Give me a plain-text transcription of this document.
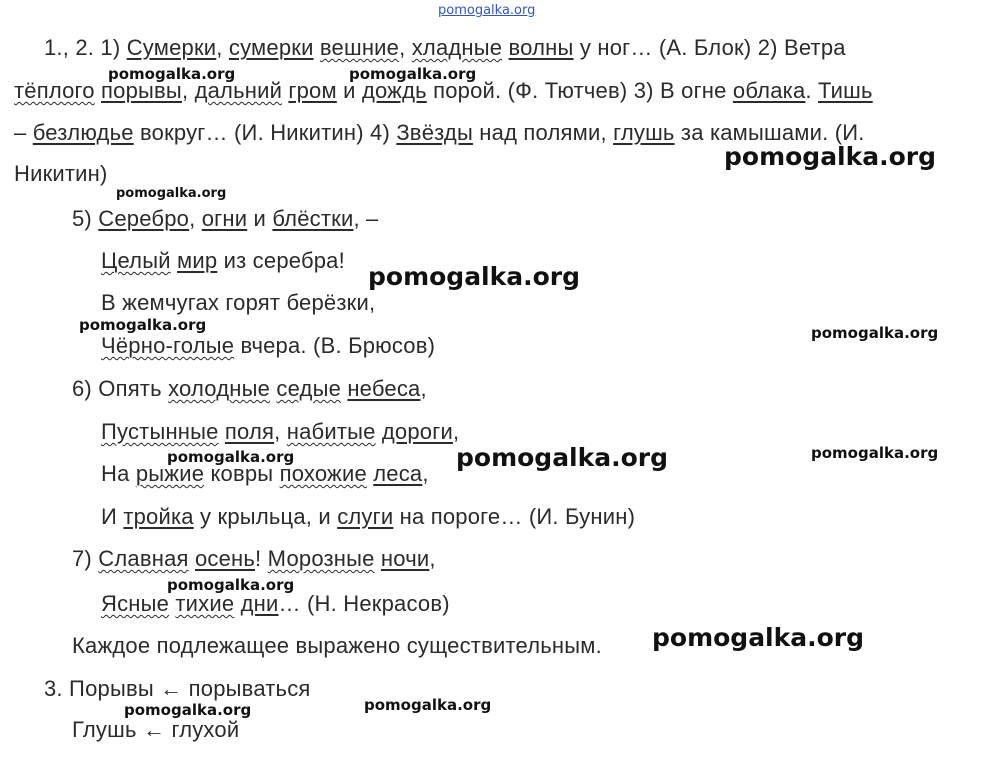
pomogalka.org
1., 2. 1) Сумерки, сумерки вешние, хладные волны у ног… (А. Блок) 2) Ветра
тёплого порывы, дальний гром и дождь порой. (Ф. Тютчев) 3) В огне облака. Тишь
– безлюдье вокруг… (И. Никитин) 4) Звёзды над полями, глушь за камышами. (И.
Никитин)
5) Серебро, огни и блёстки, –
Целый мир из серебра!
В жемчугах горят берёзки,
Чёрно-голые вчера. (В. Брюсов)
6) Опять холодные седые небеса,
Пустынные поля, набитые дороги,
На рыжие ковры похожие леса,
И тройка у крыльца, и слуги на пороге… (И. Бунин)
7) Славная осень! Морозные ночи,
Ясные тихие дни… (Н. Некрасов)
Каждое подлежащее выражено существительным.
3. Порывы ← порываться
Глушь ← глухой
pomogalka.org	pomogalka.org
pomogalka.org
pomogalka.org
pomogalka.org
pomogalka.org	pomogalka.org
pomogalka.org	pomogalka.org	pomogalka.org
pomogalka.org
pomogalka.org
pomogalka.org	pomogalka.org
